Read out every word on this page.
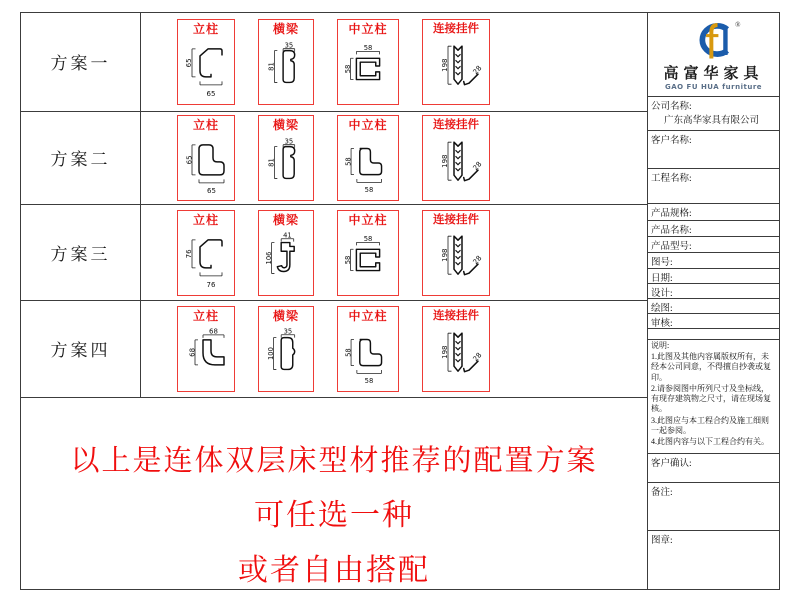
方案一
立柱
65
65
横梁
35
81
中立柱
58
58
连接挂件
198	28
方案二
立柱
65
65
横梁
35
81
中立柱
58
58
连接挂件
198	28
方案三
立柱
76
76
横梁
41
106
中立柱
58
58
连接挂件
198	28
方案四
立柱
68
68
横梁
35
100
中立柱
58
58
连接挂件
198	28
以上是连体双层床型材推荐的配置方案
可任选一种
或者自由搭配
®
高富华家具
GAO FU HUA furniture
公司名称:
广东高华家具有限公司
客户名称:
工程名称:
产品规格:
产品名称:
产品型号:
图号:
日期:
设计:
绘图:
审核:
说明:
1.此图及其他内容属版权所有，未经本公司同意，不得擅自抄袭或复印。
2.请参阅图中所列尺寸及坐标线，有现存建筑物之尺寸，请在现场复核。
3.此图应与本工程合约及施工细则一起参阅。
4.此图内容与以下工程合约有关。
客户确认:
备注:
图章:
